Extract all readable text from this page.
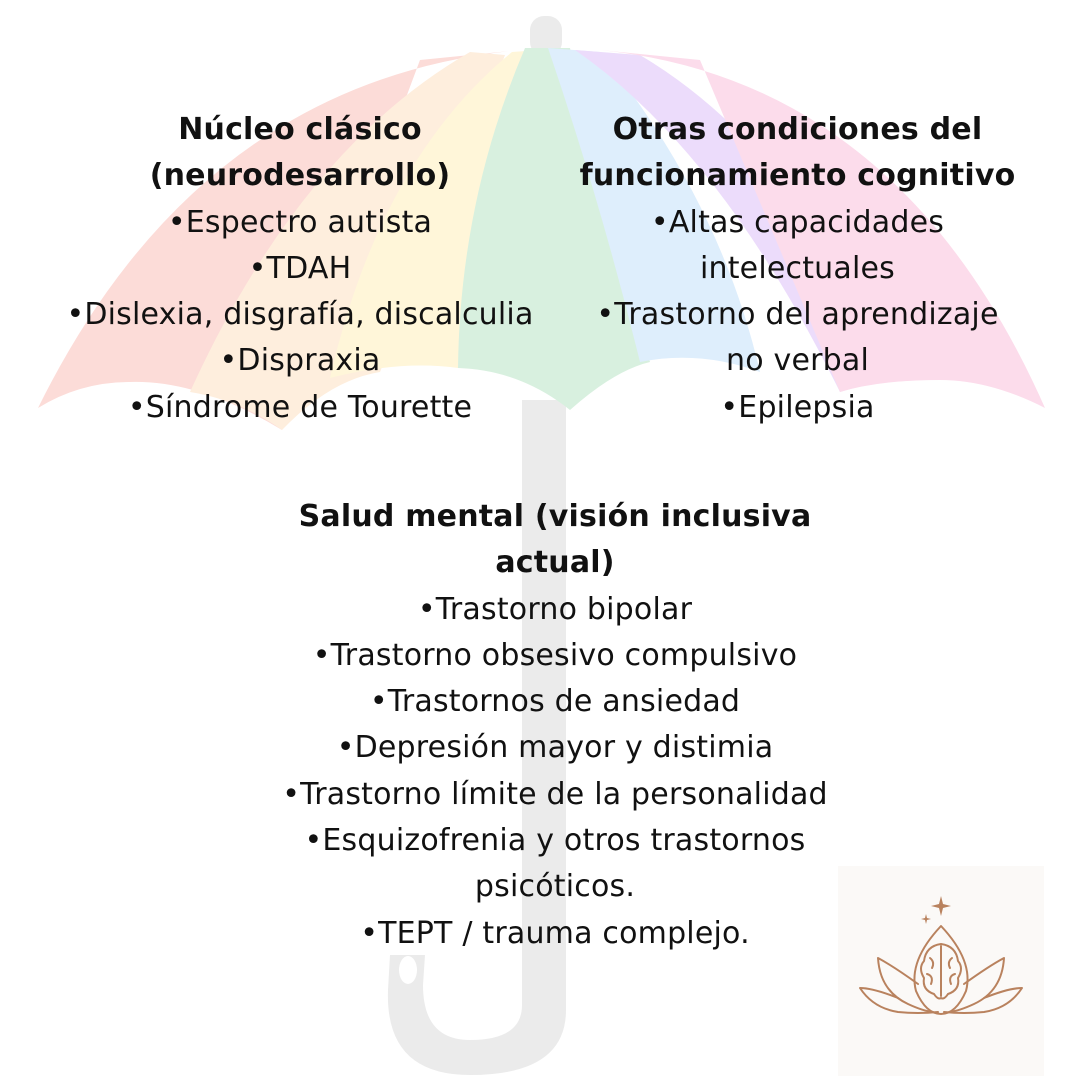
Núcleo clásico (neurodesarrollo)
•Espectro autista
•TDAH
•Dislexia, disgrafía, discalculia
•Dispraxia
•Síndrome de Tourette
Otras condiciones del funcionamiento cognitivo
•Altas capacidades intelectuales
•Trastorno del aprendizaje no verbal
•Epilepsia
Salud mental (visión inclusiva actual)
•Trastorno bipolar
•Trastorno obsesivo compulsivo
•Trastornos de ansiedad
•Depresión mayor y distimia
•Trastorno límite de la personalidad
•Esquizofrenia y otros trastornos psicóticos.
•TEPT / trauma complejo.
